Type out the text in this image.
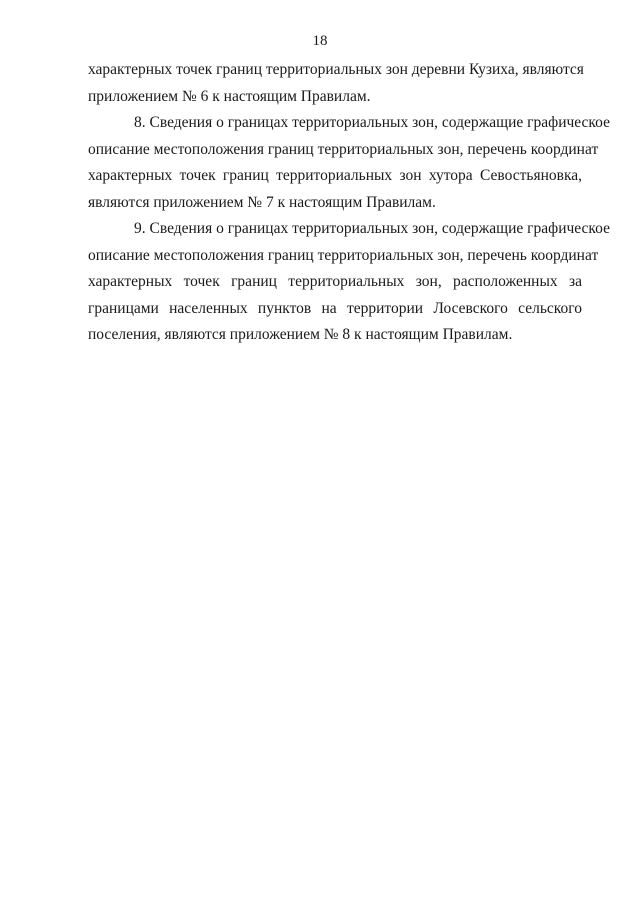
18

характерных точек границ территориальных зон деревни Кузиха, являются
приложением № 6 к настоящим Правилам.

8. Сведения о границах территориальных зон, содержащие графическое
описание местоположения границ территориальных зон, перечень координат
характерных точек границ территориальных зон хутора Севостьяновка,
являются приложением № 7 к настоящим Правилам.

9. Сведения о границах территориальных зон, содержащие графическое
описание местоположения границ территориальных зон, перечень координат
характерных точек границ территориальных зон, расположенных за
границами населенных пунктов на территории Лосевского сельского
поселения, являются приложением № 8 к настоящим Правилам.
